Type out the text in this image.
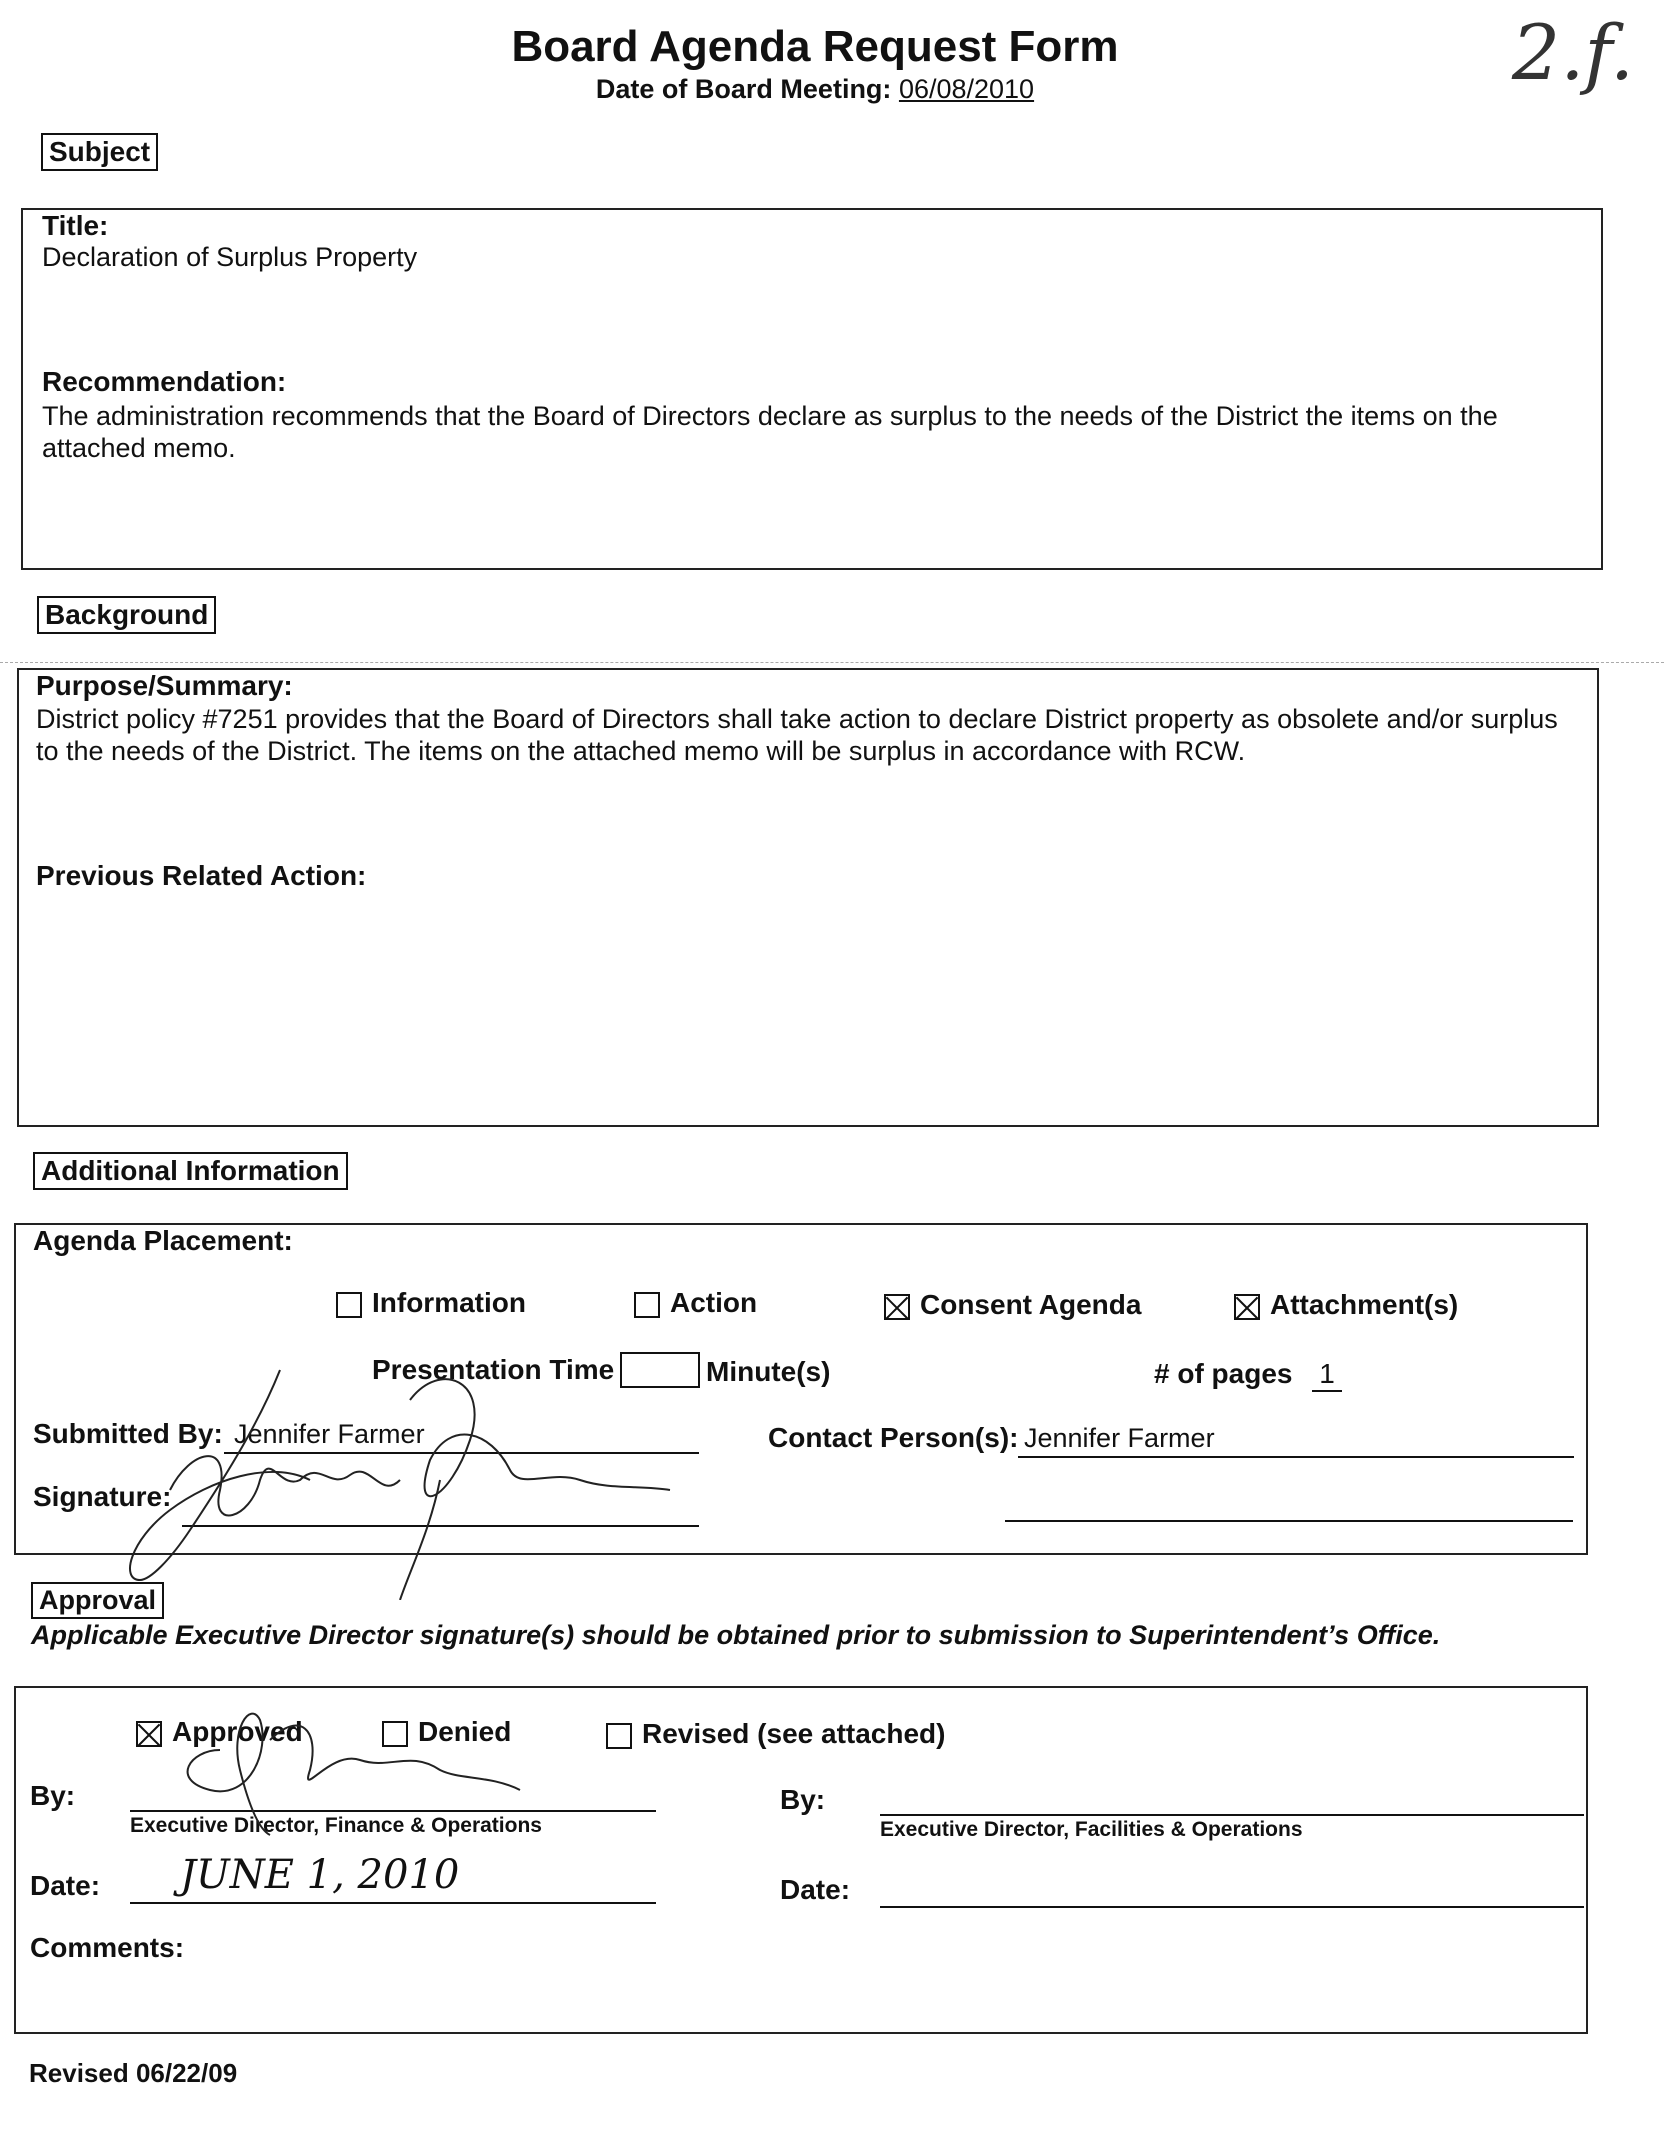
Board Agenda Request Form
Date of Board Meeting: 06/08/2010	2.f.
Subject
Title:
Declaration of Surplus Property
Recommendation:
The administration recommends that the Board of Directors declare as surplus to the needs of the District the items on the attached memo.
Background
Purpose/Summary:
District policy #7251 provides that the Board of Directors shall take action to declare District property as obsolete and/or surplus to the needs of the District. The items on the attached memo will be surplus in accordance with RCW.
Previous Related Action:
Additional Information
Agenda Placement:
Information	Action	Consent Agenda	Attachment(s)
Presentation Time	Minute(s)	# of pages 1
Submitted By: Jennifer Farmer	Contact Person(s): Jennifer Farmer
Signature:
Approval
Applicable Executive Director signature(s) should be obtained prior to submission to Superintendent’s Office.
Approved	Denied	Revised (see attached)
By:
Executive Director, Finance & Operations
By:
Executive Director, Facilities & Operations
Date: JUNE 1, 2010	Date:
Comments:
Revised 06/22/09
